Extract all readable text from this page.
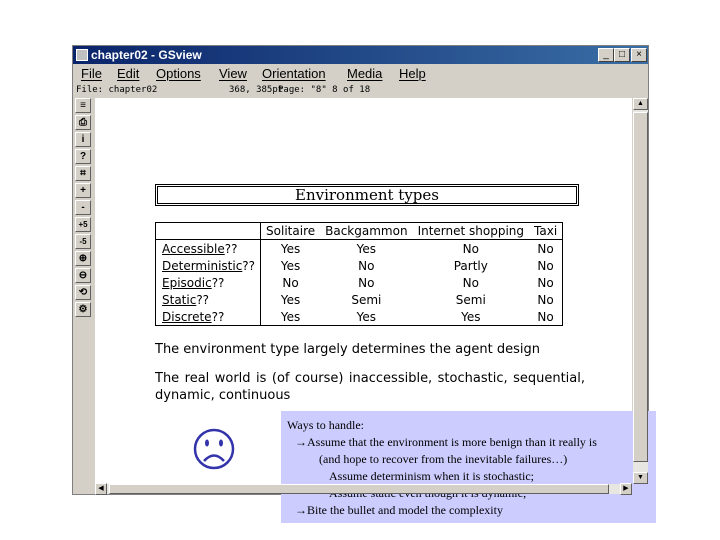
chapter02 - GSview	_	□	×
File Edit Options View Orientation Media Help
File: chapter02	368, 385pt
Page: "8" 8 of 18
≡
⎙
i
?
⌗
+
-
+5
-5
⊕
⊖
⟲
⚙
Environment types
	Solitaire	Backgammon	Internet shopping	Taxi
Accessible??	Yes	Yes	No	No
Deterministic??	Yes	No	Partly	No
Episodic??	No	No	No	No
Static??	Yes	Semi	Semi	No
Discrete??	Yes	Yes	Yes	No
The environment type largely determines the agent design
The real world is (of course) inaccessible, stochastic, sequential, dynamic, continuous
Ways to handle:
→Assume that the environment is more benign than it really is
(and hope to recover from the inevitable failures…)
Assume determinism when it is stochastic;
→Bite the bullet and model the complexity
▲
▼
◀	▶
